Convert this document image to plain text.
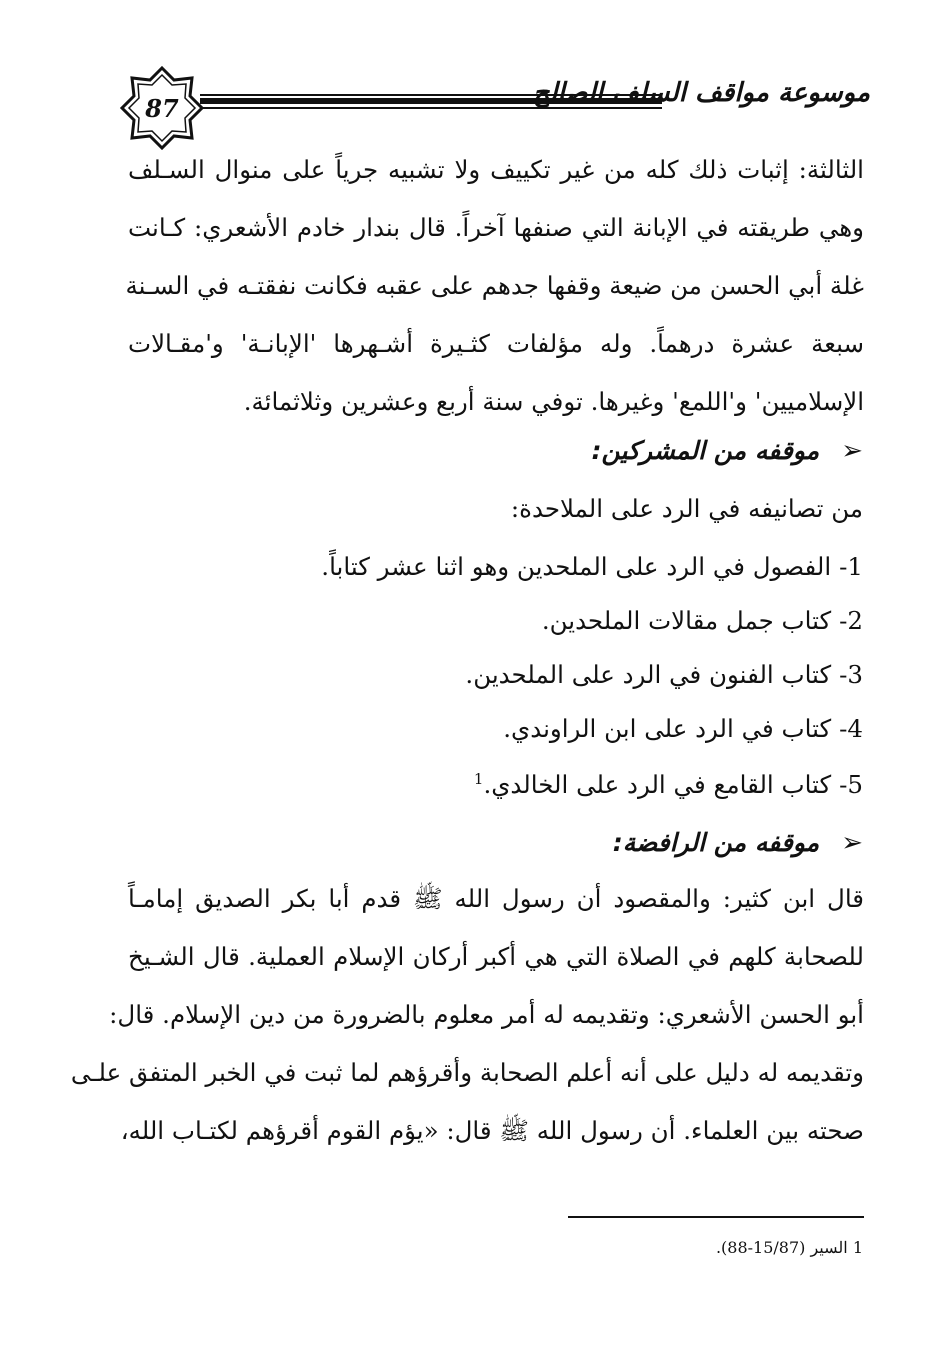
87	موسوعة مواقف السلف الصالح
الثالثة: إثبات ذلك كله من غير تكييف ولا تشبيه جرياً على منوال السـلف
وهي طريقته في الإبانة التي صنفها آخراً. قال بندار خادم الأشعري: كـانت
غلة أبي الحسن من ضيعة وقفها جدهم على عقبه فكانت نفقتـه في السـنة
سبعة عشرة درهماً. وله مؤلفات كثـيرة أشـهرها 'الإبانـة' و'مقـالات
الإسلاميين' و'اللمع' وغيرها. توفي سنة أربع وعشرين وثلاثمائة.
➢موقفه من المشركين:
من تصانيفه في الرد على الملاحدة:
1-الفصول في الرد على الملحدين وهو اثنا عشر كتاباً.
2-كتاب جمل مقالات الملحدين.
3-كتاب الفنون في الرد على الملحدين.
4-كتاب في الرد على ابن الراوندي.
5-كتاب القامع في الرد على الخالدي.$^1$
➢موقفه من الرافضة:
قال ابن كثير: والمقصود أن رسول الله ﷺ قدم أبا بكر الصديق إمامـاً
للصحابة كلهم في الصلاة التي هي أكبر أركان الإسلام العملية. قال الشـيخ
أبو الحسن الأشعري: وتقديمه له أمر معلوم بالضرورة من دين الإسلام. قال:
وتقديمه له دليل على أنه أعلم الصحابة وأقرؤهم لما ثبت في الخبر المتفق علـى
صحته بين العلماء. أن رسول الله ﷺ قال: «يؤم القوم أقرؤهم لكتـاب الله،
1 السير (15/87-88).
